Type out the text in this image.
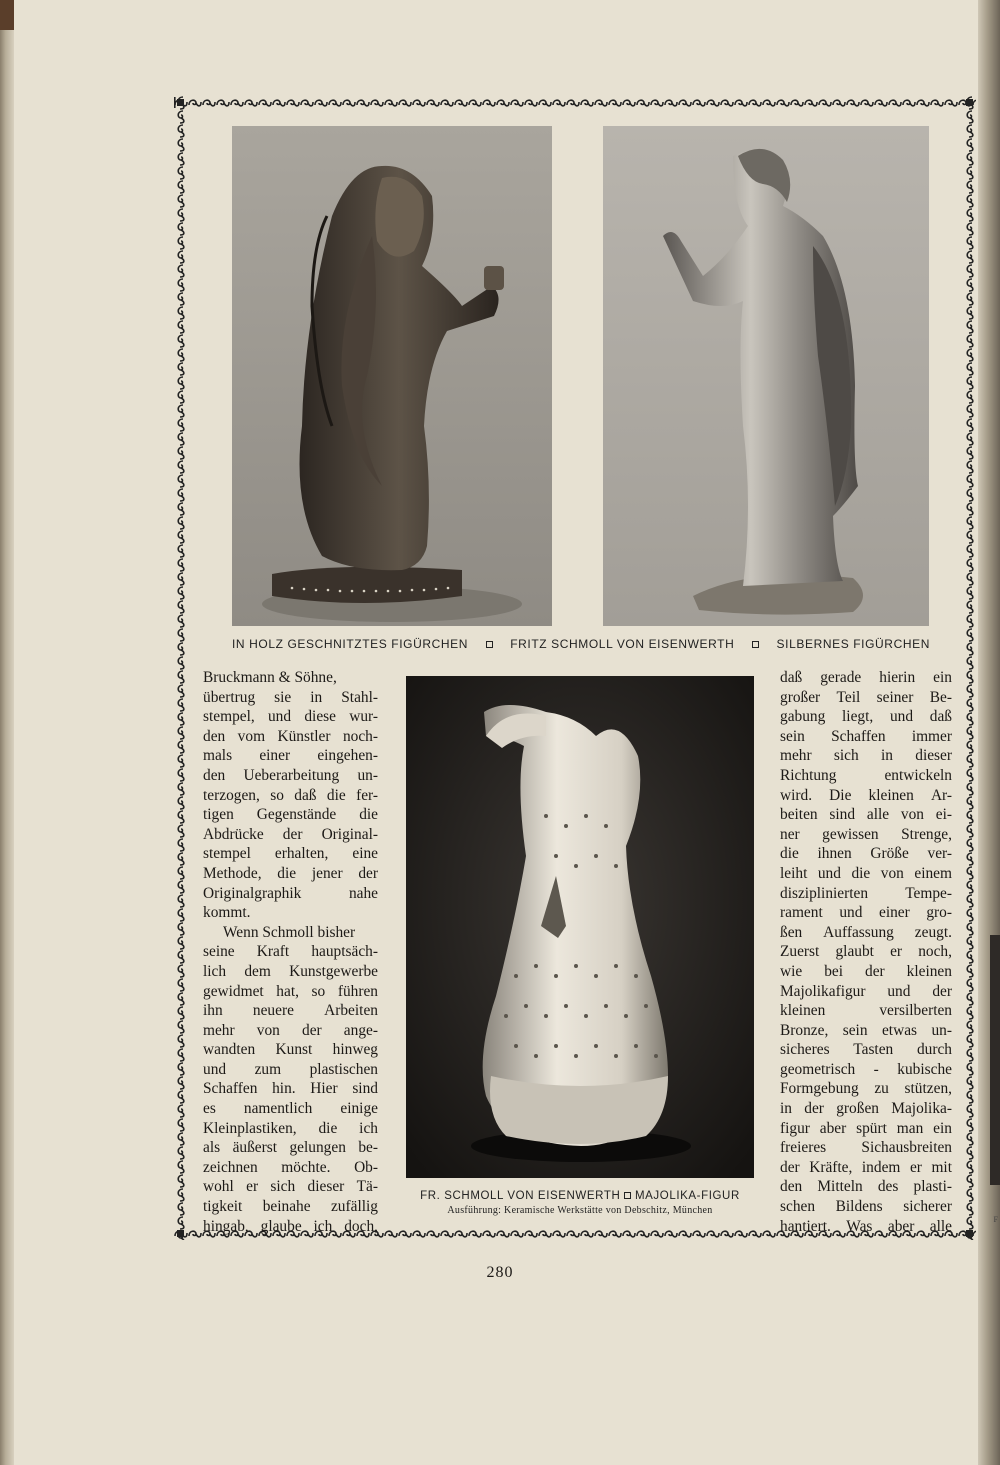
F
IN HOLZ GESCHNITZTES FIGÜRCHEN	FRITZ SCHMOLL VON EISENWERTH	SILBERNES FIGÜRCHEN
FR. SCHMOLL VON EISENWERTH MAJOLIKA-FIGUR
Ausführung: Keramische Werkstätte von Debschitz, München
Bruckmann & Söhne,
übertrug sie in Stahl-
stempel, und diese wur-
den vom Künstler noch-
mals einer eingehen-
den Ueberarbeitung un-
terzogen, so daß die fer-
tigen Gegenstände die
Abdrücke der Original-
stempel erhalten, eine
Methode, die jener der
Originalgraphik	nahe
kommt.
Wenn Schmoll bisher
seine Kraft hauptsäch-
lich dem Kunstgewerbe
gewidmet hat, so führen
ihn neuere Arbeiten
mehr von der ange-
wandten Kunst hinweg
und zum plastischen
Schaffen hin. Hier sind
es namentlich einige
Kleinplastiken, die ich
als äußerst gelungen be-
zeichnen möchte. Ob-
wohl er sich dieser Tä-
tigkeit beinahe zufällig
hingab, glaube ich doch,
daß gerade hierin ein
großer Teil seiner Be-
gabung liegt, und daß
sein Schaffen immer
mehr sich in dieser
Richtung	entwickeln
wird. Die kleinen Ar-
beiten sind alle von ei-
ner gewissen Strenge,
die ihnen Größe ver-
leiht und die von einem
disziplinierten Tempe-
rament und einer gro-
ßen Auffassung zeugt.
Zuerst glaubt er noch,
wie bei der kleinen
Majolikafigur und der
kleinen	versilberten
Bronze, sein etwas un-
sicheres Tasten durch
geometrisch - kubische
Formgebung zu stützen,
in der großen Majolika-
figur aber spürt man ein
freieres Sichausbreiten
der Kräfte, indem er mit
den Mitteln des plasti-
schen Bildens sicherer
hantiert. Was aber alle
280
